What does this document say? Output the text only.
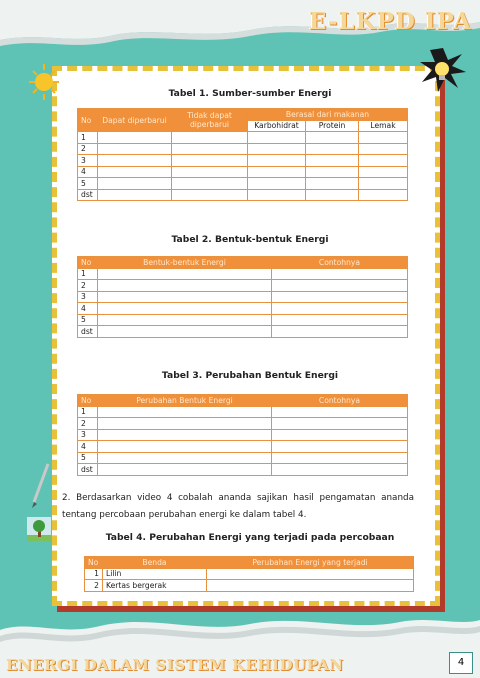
E-LKPD IPA
Tabel 1. Sumber-sumber Energi
No	Dapat diperbarui	Tidak dapat diperbarui	Berasal dari makanan		
			Karbohidrat	Protein	Lemak
1					
2					
3					
4					
5					
dst					
Tabel 2. Bentuk-bentuk Energi
No	Bentuk-bentuk Energi	Contohnya
1		
2		
3		
4		
5		
dst		
Tabel 3. Perubahan Bentuk Energi
No	Perubahan Bentuk Energi	Contohnya
1		
2		
3		
4		
5		
dst		
2. Berdasarkan video 4 cobalah ananda sajikan hasil pengamatan ananda tentang percobaan perubahan energi ke dalam tabel 4.
Tabel 4. Perubahan Energi yang terjadi pada percobaan
No	Benda	Perubahan Energi yang terjadi
1	Lilin	
2	Kertas bergerak	
ENERGI DALAM SISTEM KEHIDUPAN	4
